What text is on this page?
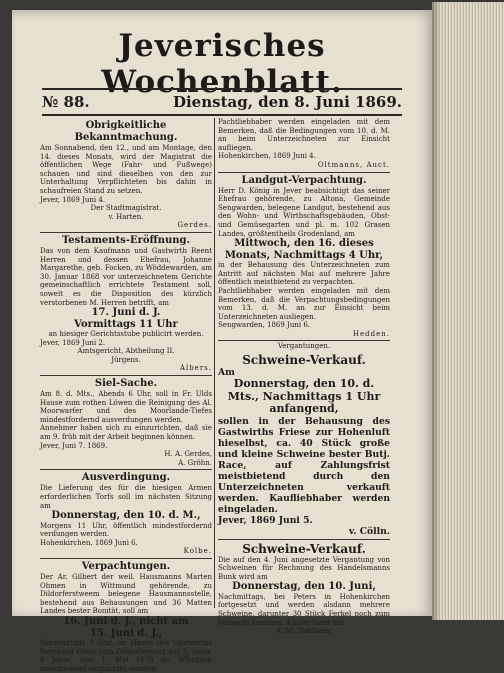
Jeverisches Wochenblatt.
№ 88.	Dienstag, den 8. Juni 1869.
Obrigkeitliche Bekanntmachung.
Am Sonnabend, den 12., und am Montage, den 14. dieses Monats, wird der Magistrat die öffentlichen Wege (Fahr- und Fußwege) schauen und sind dieselben von den zur Unterhaltung Verpflichteten bis dahin in schaufreien Stand zu setzen.
Jever, 1869 Juni 4.
Der Stadtmagistrat.
v. Harten.
Gerdes.
Testaments-Eröffnung.
Das von dem Kaufmann und Gastwirth Reent Herren und dessen Ehefrau, Johanne Margarethe, geb. Focken, zu Wöddewarden, am 30. Januar 1868 vor unterzeichnetem Gerichte gemeinschaftlich errichtete Testament soll, soweit es die Disposition des kürzlich verstorbenen M. Herren betrifft, am
17. Juni d. J.
Vormittags 11 Uhr
an hiesiger Gerichtsstube publicirt werden.
Jever, 1869 Juni 2.
Amtsgericht, Abtheilung II.
Jürgens.
Albers.
Siel-Sache.
Am 8. d. Mts., Abends 6 Uhr, soll in Fr. Ulds Hause zum rothen Löwen die Reinigung des Al. Moorwarfer und des Moorlande-Tiefes mindestfordernd ausverdungen werden.
Annehmer haben sich zu einzurichten, daß sie am 9. früh mit der Arbeit beginnen können.
Jever, Juni 7. 1869.
H. A. Gerdes,
A. Gröhn.
Ausverdingung.
Die Lieferung des für die hiesigen Armen erforderlichen Torfs soll im nächsten Sitzung am
Donnerstag, den 10. d. M.,
Morgens 11 Uhr, öffentlich mindestfordernd verdungen werden.
Hohenkirchen, 1869 Juni 6.
Kolbe.
Verpachtungen.
Der Ar. Gilbert der weil. Hausmanns Marten Ohmen in Wittmund gehörende, zu Dildorferstweem belegene Hausmannsstelle, bestehend aus Behausungen und 36 Matten Landes bester Bonität, soll am
16. Juni d. J., nicht am
15. Juni d. J.,
Nachmittags 3 Uhr, im Hause des Gastwirths Bernhard Oben zum Dildorferwurt auf 3, bezw. 6 Jahre, vom 1. Mai 1870 an, öffentlich meistbietend verpachtet werden.
Pachtliebhaber werden eingeladen mit dem Bemerken, daß die Bedingungen vom 10. d. M. an beim Unterzeichneten zur Einsicht aufliegen.
Hohenkirchen, 1869 Juni 4.
Oltmanns, Auct.
Landgut-Verpachtung.
Herr D. König in Jever beabsichtigt das seiner Ehefrau gehörende, zu Altona, Gemeinde Sengwarden, belegene Landgut, bestehend aus den Wohn- und Wirthschaftsgebäuden, Obst- und Gemüsegarten und pl. m. 102 Grasen Landes, größtentheils Grodenland, am
Mittwoch, den 16. dieses Monats, Nachmittags 4 Uhr,
in der Behausung des Unterzeichneten zum Antritt auf nächsten Mai auf mehrere Jahre öffentlich meistbietend zu verpachten.
Pachtliebhaber werden eingeladen mit dem Bemerken, daß die Verpachtungsbedingungen vom 13. d. M. an zur Einsicht beim Unterzeichneten ausliegen.
Sengwarden, 1869 Juni 6.
Hedden.
Vergantungen.
Schweine-Verkauf.
Am
Donnerstag, den 10. d. Mts., Nachmittags 1 Uhr anfangend,
sollen in der Behausung des Gastwirths Friese zur Hohenluft hieselbst, ca. 40 Stück große und kleine Schweine bester Butj. Race, auf Zahlungsfrist meistbietend durch den Unterzeichneten verkauft werden. Kaufliebhaber werden eingeladen.
Jever, 1869 Juni 5.
v. Cölln.
Schweine-Verkauf.
Die auf den 4. Juni angesetzte Vergantung von Schweinen für Rechnung des Handelsmanns Bunk wird am
Donnerstag, den 10. Juni,
Nachmittags, bei Peters in Hohenkirchen fortgesetzt und werden alsdann mehrere Schweine, darunter 30 Stück Ferkel noch zum Verkaufe kommen. Käufer ladet ein
A. M. Taddiken.
